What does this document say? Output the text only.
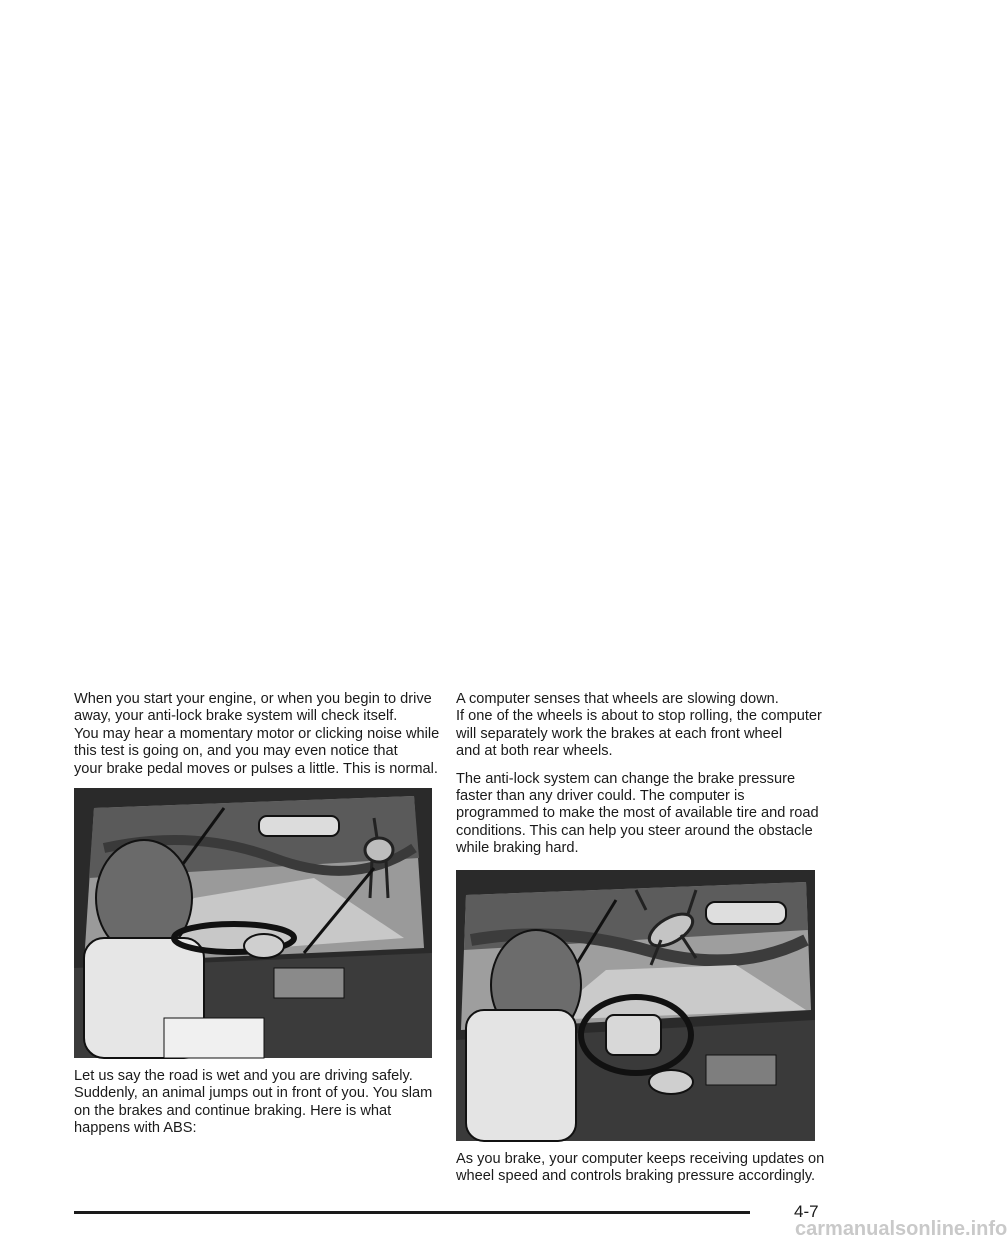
When you start your engine, or when you begin to drive
away, your anti-lock brake system will check itself.
You may hear a momentary motor or clicking noise while
this test is going on, and you may even notice that
your brake pedal moves or pulses a little. This is normal.

Let us say the road is wet and you are driving safely.
Suddenly, an animal jumps out in front of you. You slam
on the brakes and continue braking. Here is what
happens with ABS:

A computer senses that wheels are slowing down.
If one of the wheels is about to stop rolling, the computer
will separately work the brakes at each front wheel
and at both rear wheels.

The anti-lock system can change the brake pressure
faster than any driver could. The computer is
programmed to make the most of available tire and road
conditions. This can help you steer around the obstacle
while braking hard.

As you brake, your computer keeps receiving updates on
wheel speed and controls braking pressure accordingly.

4-7
carmanualsonline.info
